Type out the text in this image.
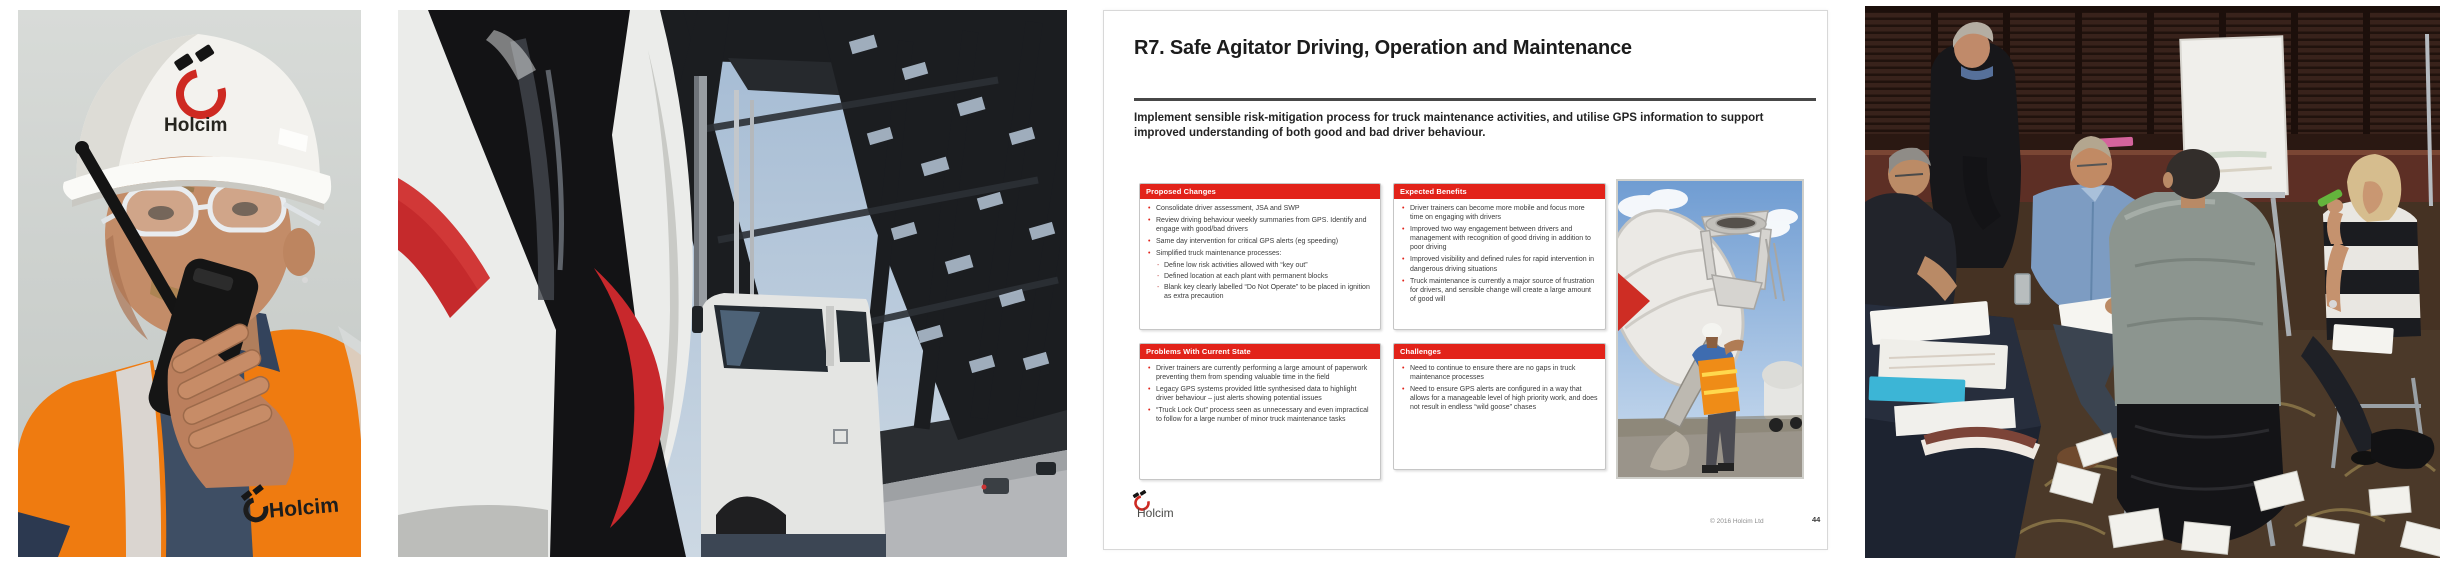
Holcim
Holcim
R7. Safe Agitator Driving, Operation and Maintenance
Implement sensible risk-mitigation process for truck maintenance activities, and utilise GPS information to support improved understanding of both good and bad driver behaviour.
Proposed Changes
• Consolidate driver assessment, JSA and SWP
• Review driving behaviour weekly summaries from GPS. Identify and engage with good/bad drivers
• Same day intervention for critical GPS alerts (eg speeding)
• Simplified truck maintenance processes:
- Define low risk activities allowed with “key out”
- Defined location at each plant with permanent blocks
- Blank key clearly labelled “Do Not Operate” to be placed in ignition as extra precaution
Expected Benefits
• Driver trainers can become more mobile and focus more time on engaging with drivers
• Improved two way engagement between drivers and management with recognition of good driving in addition to poor driving
• Improved visibility and defined rules for rapid intervention in dangerous driving situations
• Truck maintenance is currently a major source of frustration for drivers, and sensible change will create a large amount of good will
Problems With Current State
• Driver trainers are currently performing a large amount of paperwork preventing them from spending valuable time in the field
• Legacy GPS systems provided little synthesised data to highlight driver behaviour – just alerts showing potential issues
• “Truck Lock Out” process seen as unnecessary and even impractical to follow for a large number of minor truck maintenance tasks
Challenges
• Need to continue to ensure there are no gaps in truck maintenance processes
• Need to ensure GPS alerts are configured in a way that allows for a manageable level of high priority work, and does not result in endless “wild goose” chases
Holcim
© 2016 Holcim Ltd	44
